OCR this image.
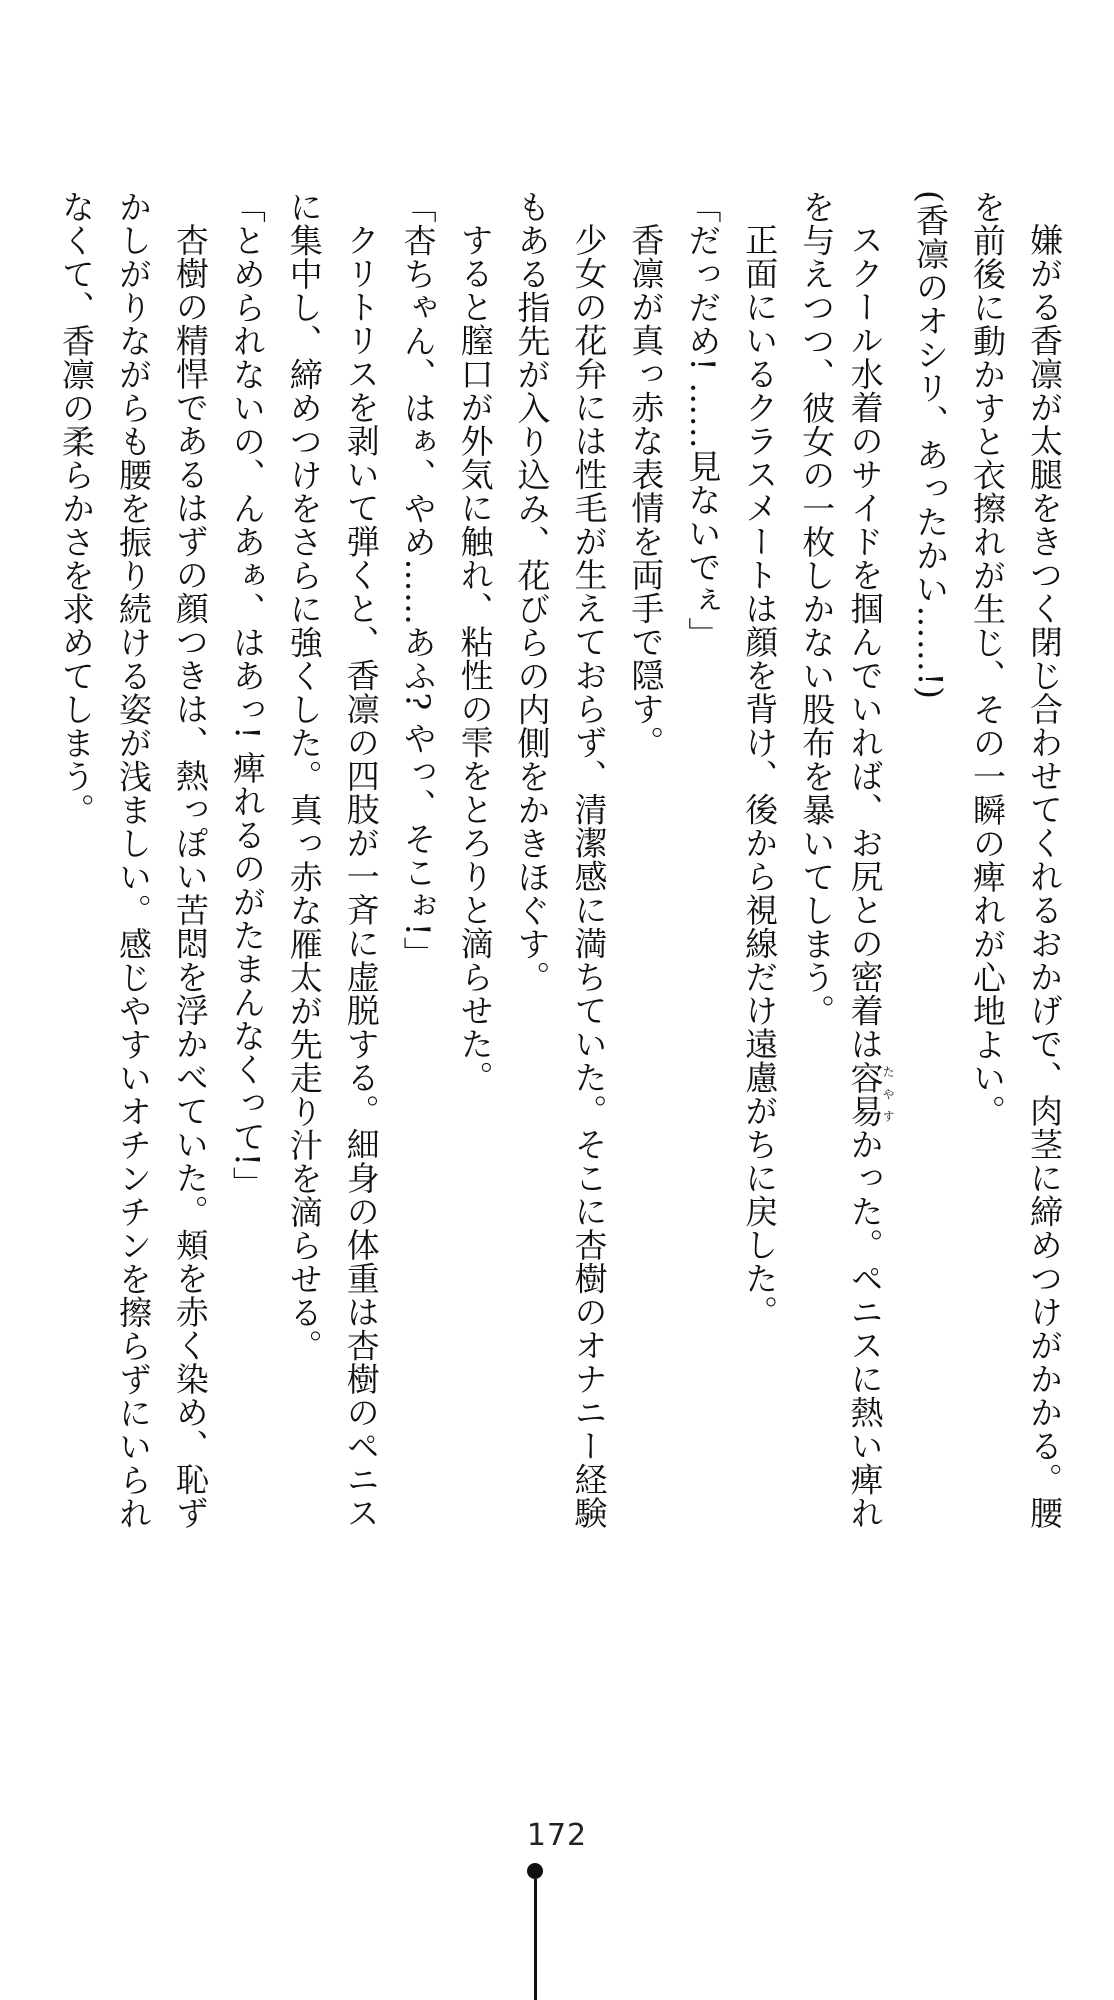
嫌がる香凛が太腿をきつく閉じ合わせてくれるおかげで、肉茎に締めつけがかかる。腰
を前後に動かすと衣擦れが生じ、その一瞬の痺れが心地よい。
(香凛のオシリ、あったかい……!)
スクール水着のサイドを掴んでいれば、お尻との密着は容易たやすかった。ペニスに熱い痺れ
を与えつつ、彼女の一枚しかない股布を暴いてしまう。
正面にいるクラスメートは顔を背け、後から視線だけ遠慮がちに戻した。
「だっだめ! ……見ないでぇ」
香凛が真っ赤な表情を両手で隠す。
少女の花弁には性毛が生えておらず、清潔感に満ちていた。そこに杏樹のオナニー経験
もある指先が入り込み、花びらの内側をかきほぐす。
すると膣口が外気に触れ、粘性の雫をとろりと滴らせた。
「杏ちゃん、はぁ、やめ……あふ? やっ、そこぉ!」
クリトリスを剥いて弾くと、香凛の四肢が一斉に虚脱する。細身の体重は杏樹のペニス
に集中し、締めつけをさらに強くした。真っ赤な雁太が先走り汁を滴らせる。
「とめられないの、んあぁ、はあっ! 痺れるのがたまんなくって!」
杏樹の精悍であるはずの顔つきは、熱っぽい苦悶を浮かべていた。頬を赤く染め、恥ず
かしがりながらも腰を振り続ける姿が浅ましい。感じやすいオチンチンを擦らずにいられ
なくて、香凛の柔らかさを求めてしまう。
172
